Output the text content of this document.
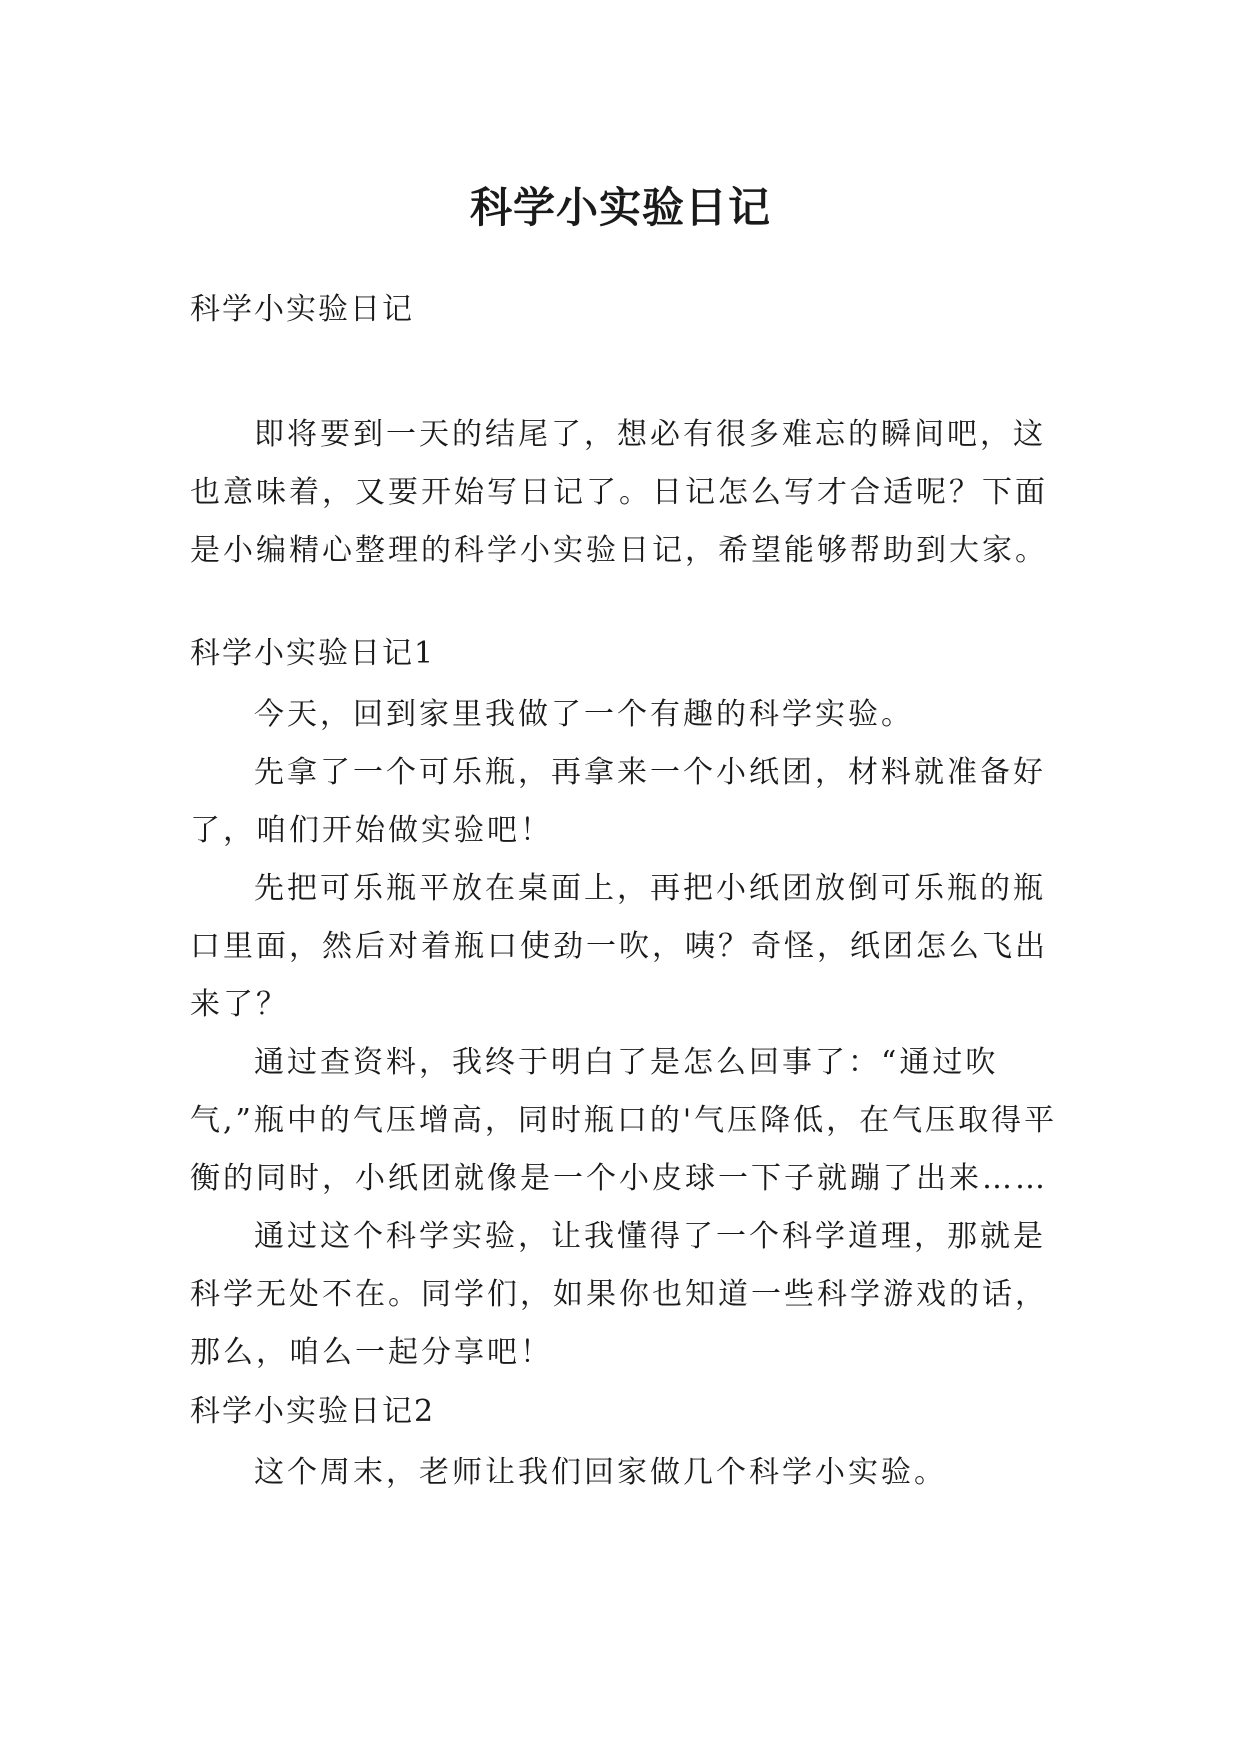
科学小实验日记

科学小实验日记

即将要到一天的结尾了，想必有很多难忘的瞬间吧，这也意味着，又要开始写日记了。日记怎么写才合适呢？下面是小编精心整理的科学小实验日记，希望能够帮助到大家。

科学小实验日记1

今天，回到家里我做了一个有趣的科学实验。

先拿了一个可乐瓶，再拿来一个小纸团，材料就准备好了，咱们开始做实验吧！

先把可乐瓶平放在桌面上，再把小纸团放倒可乐瓶的瓶口里面，然后对着瓶口使劲一吹，咦？奇怪，纸团怎么飞出来了？

通过查资料，我终于明白了是怎么回事了：“通过吹气,”瓶中的气压增高，同时瓶口的'气压降低，在气压取得平衡的同时，小纸团就像是一个小皮球一下子就蹦了出来……

通过这个科学实验，让我懂得了一个科学道理，那就是科学无处不在。同学们，如果你也知道一些科学游戏的话，那么，咱么一起分享吧！

科学小实验日记2

这个周末，老师让我们回家做几个科学小实验。
